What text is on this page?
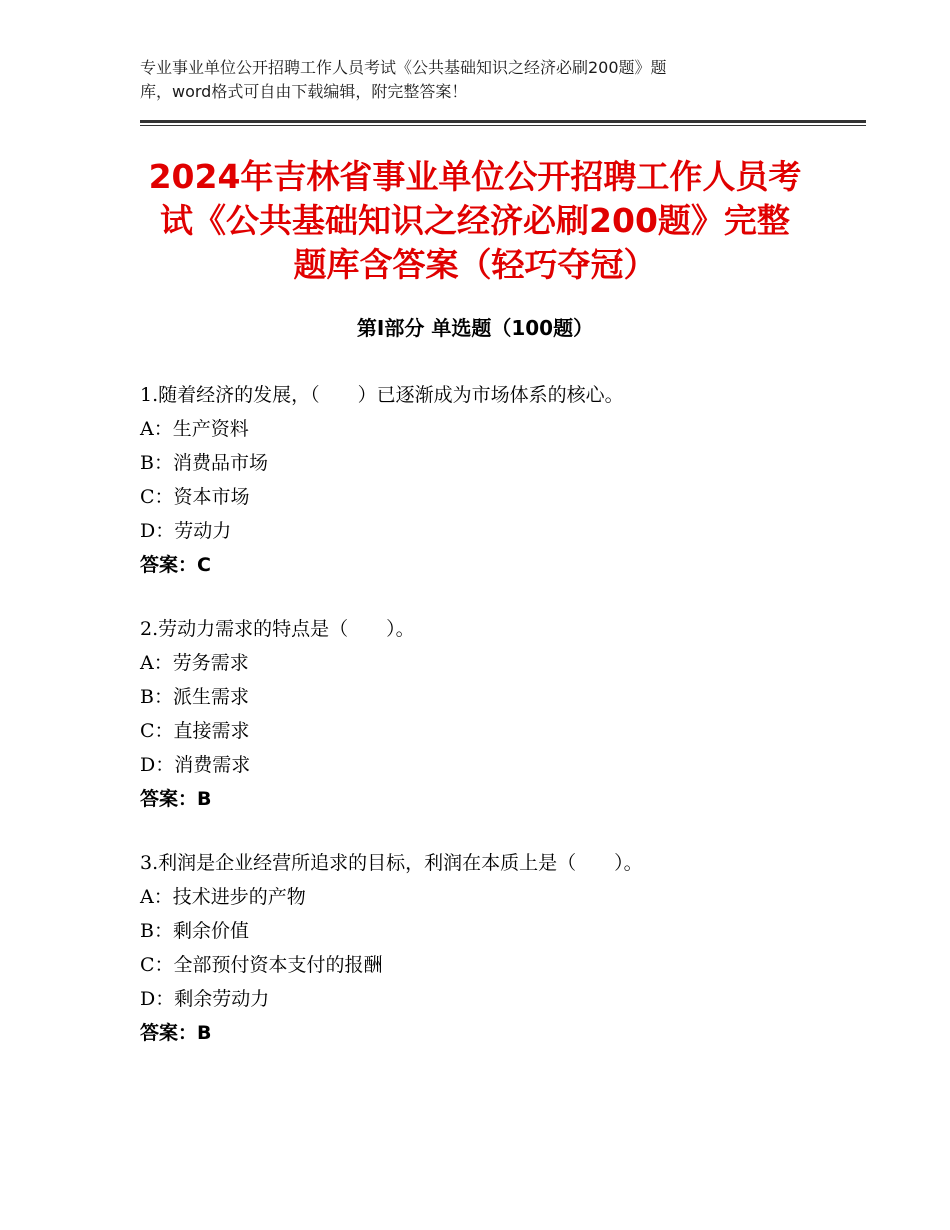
专业事业单位公开招聘工作人员考试《公共基础知识之经济必刷200题》题
库，word格式可自由下载编辑，附完整答案！
2024年吉林省事业单位公开招聘工作人员考
试《公共基础知识之经济必刷200题》完整
题库含答案（轻巧夺冠）
第Ⅰ部分 单选题（100题）
1.随着经济的发展，（　　）已逐渐成为市场体系的核心。
A：生产资料
B：消费品市场
C：资本市场
D：劳动力
答案：C
2.劳动力需求的特点是（　　）。
A：劳务需求
B：派生需求
C：直接需求
D：消费需求
答案：B
3.利润是企业经营所追求的目标，利润在本质上是（　　）。
A：技术进步的产物
B：剩余价值
C：全部预付资本支付的报酬
D：剩余劳动力
答案：B
